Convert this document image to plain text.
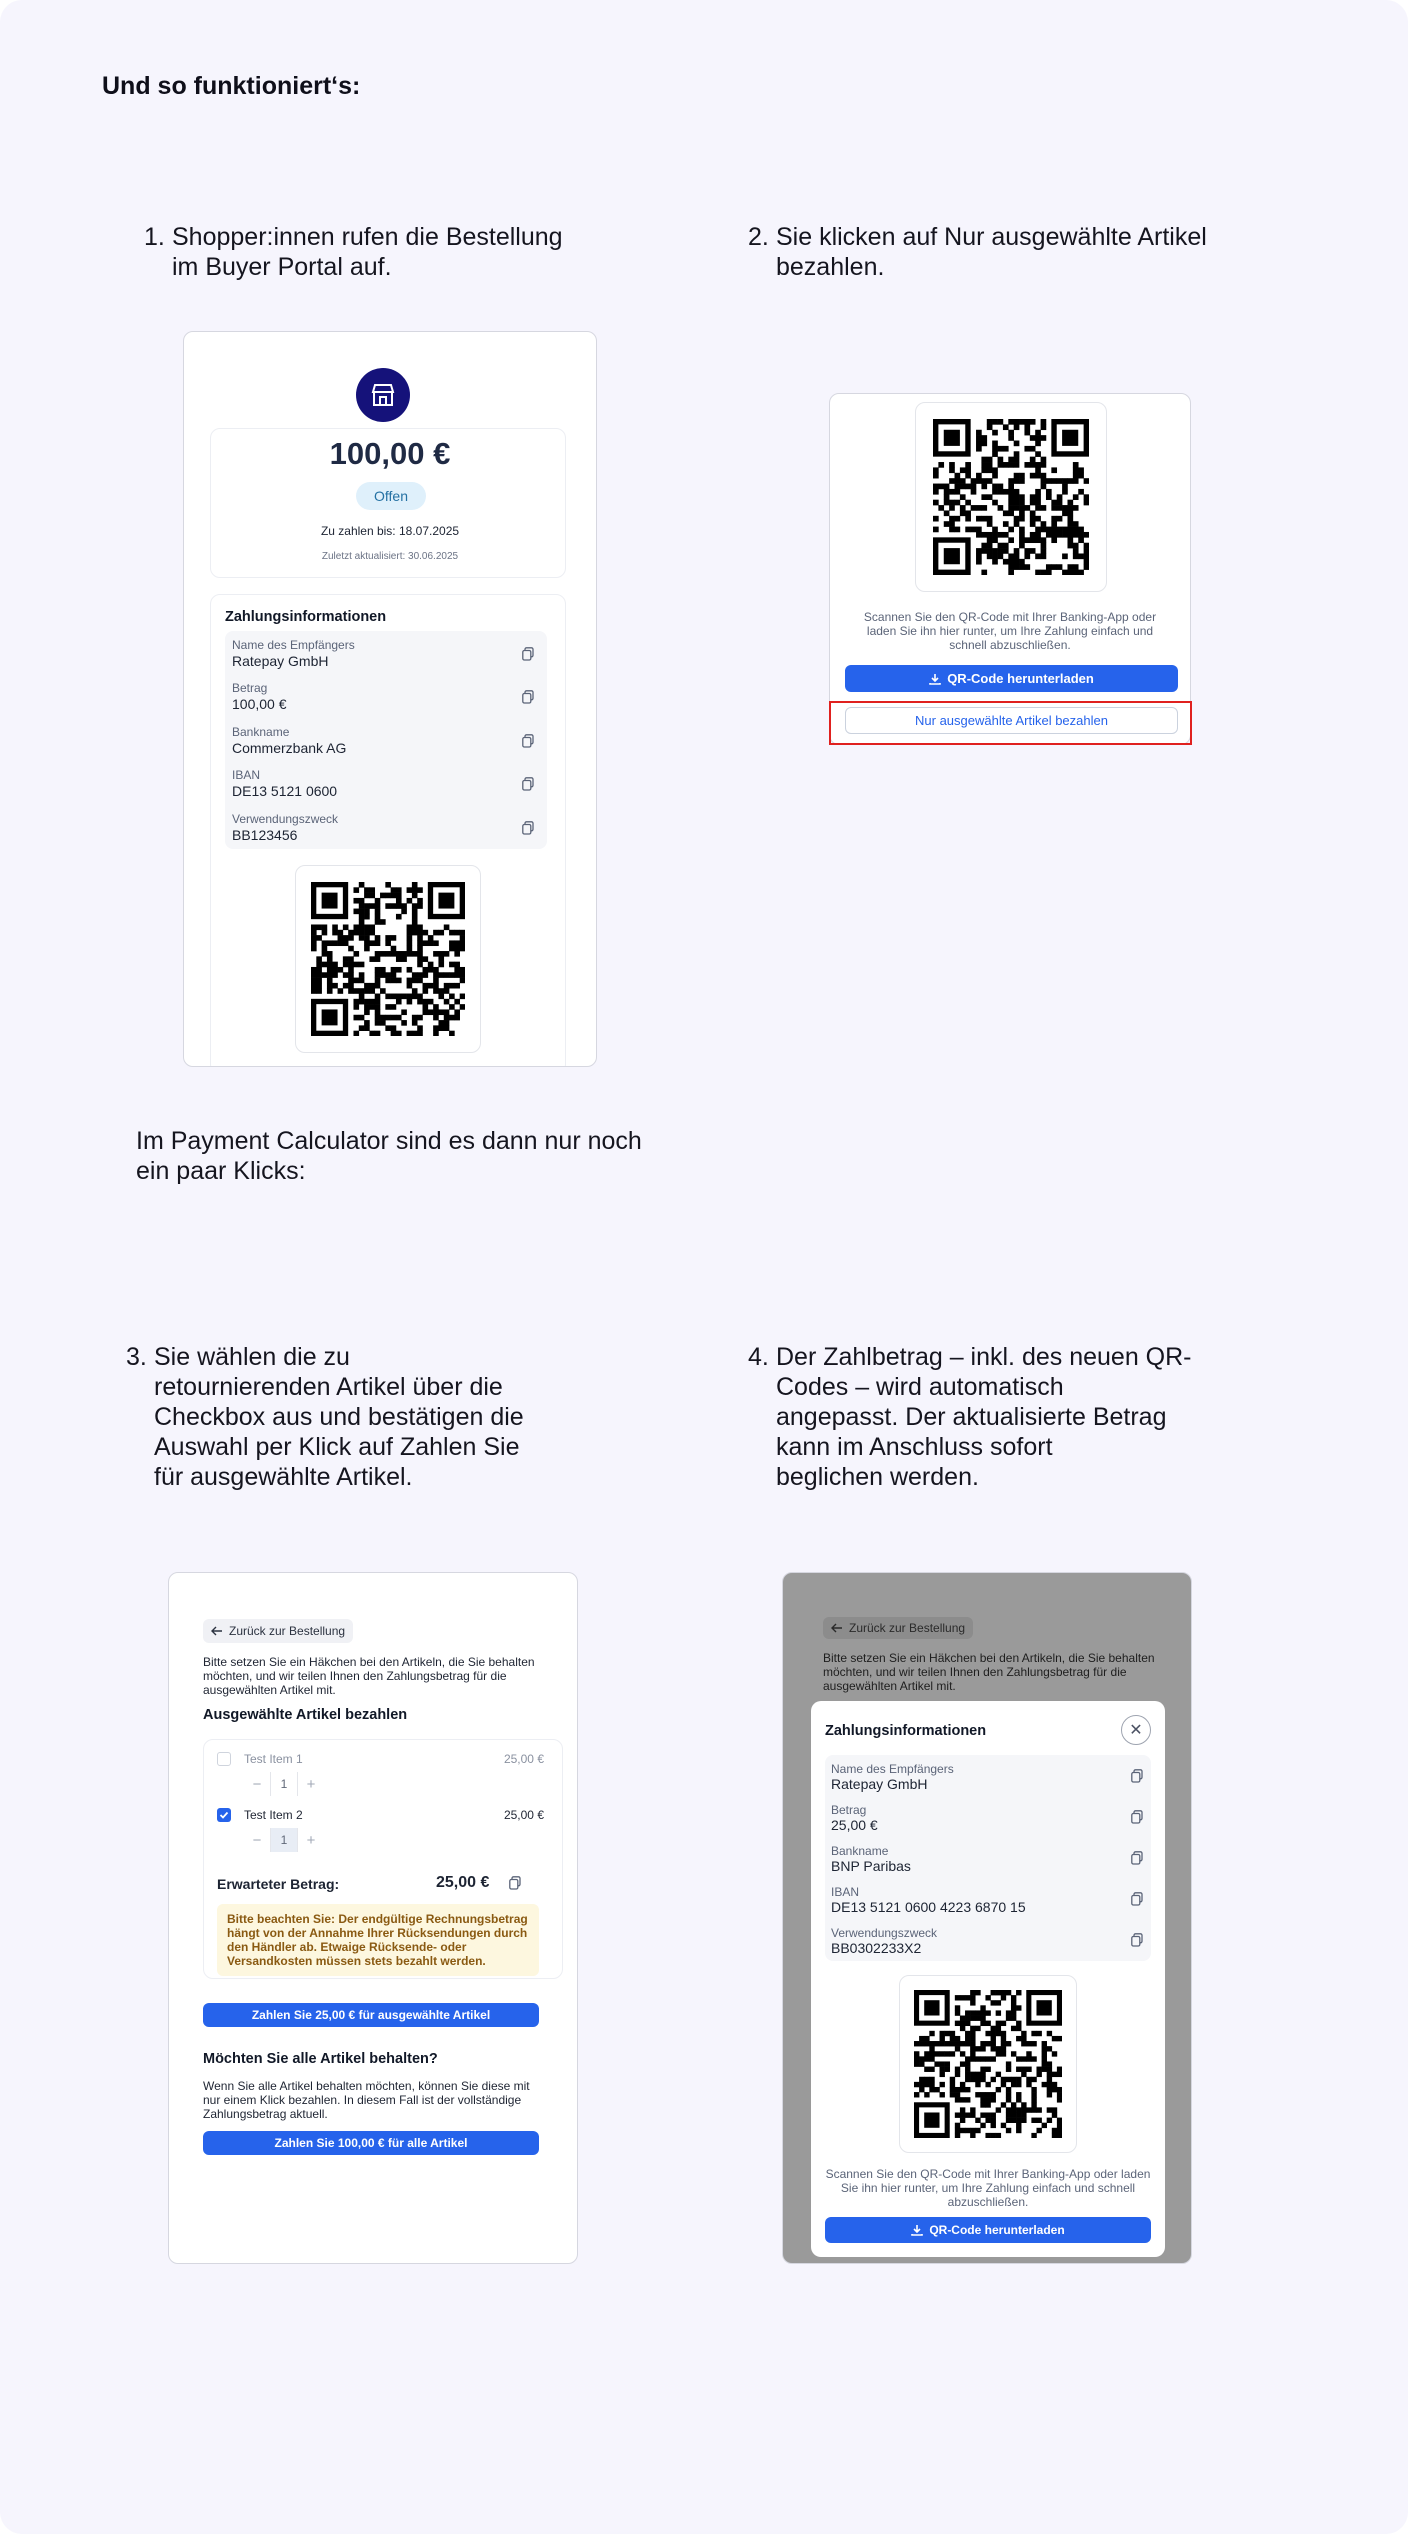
Und so funktioniert‘s:
1. Shopper:innen rufen die Bestellung
im Buyer Portal auf.
2. Sie klicken auf Nur ausgewählte Artikel
bezahlen.
100,00 €
Offen
Zu zahlen bis: 18.07.2025
Zuletzt aktualisiert: 30.06.2025
Zahlungsinformationen
Name des Empfängers
Ratepay GmbH
Betrag
100,00 €
Bankname
Commerzbank AG
IBAN
DE13 5121 0600
Verwendungszweck
BB123456
Scannen Sie den QR-Code mit Ihrer Banking-App oder
laden Sie ihn hier runter, um Ihre Zahlung einfach und
schnell abzuschließen.
QR-Code herunterladen
Nur ausgewählte Artikel bezahlen
Im Payment Calculator sind es dann nur noch
ein paar Klicks:
3. Sie wählen die zu
retournierenden Artikel über die
Checkbox aus und bestätigen die
Auswahl per Klick auf Zahlen Sie
für ausgewählte Artikel.
4. Der Zahlbetrag – inkl. des neuen QR-
Codes – wird automatisch
angepasst. Der aktualisierte Betrag
kann im Anschluss sofort
beglichen werden.
Zurück zur Bestellung
Bitte setzen Sie ein Häkchen bei den Artikeln, die Sie behalten
möchten, und wir teilen Ihnen den Zahlungsbetrag für die
ausgewählten Artikel mit.
Ausgewählte Artikel bezahlen
Test Item 1	25,00 €
−	1	+
Test Item 2	25,00 €
−	1	+
Erwarteter Betrag:	25,00 €
Bitte beachten Sie: Der endgültige Rechnungsbetrag
hängt von der Annahme Ihrer Rücksendungen durch
den Händler ab. Etwaige Rücksende- oder
Versandkosten müssen stets bezahlt werden.
Zahlen Sie 25,00 € für ausgewählte Artikel
Möchten Sie alle Artikel behalten?
Wenn Sie alle Artikel behalten möchten, können Sie diese mit
nur einem Klick bezahlen. In diesem Fall ist der vollständige
Zahlungsbetrag aktuell.
Zahlen Sie 100,00 € für alle Artikel
Zurück zur Bestellung
Bitte setzen Sie ein Häkchen bei den Artikeln, die Sie behalten
möchten, und wir teilen Ihnen den Zahlungsbetrag für die
ausgewählten Artikel mit.
Zahlungsinformationen	✕
Name des Empfängers
Ratepay GmbH
Betrag
25,00 €
Bankname
BNP Paribas
IBAN
DE13 5121 0600 4223 6870 15
Verwendungszweck
BB0302233X2
Scannen Sie den QR-Code mit Ihrer Banking-App oder laden
Sie ihn hier runter, um Ihre Zahlung einfach und schnell
abzuschließen.
QR-Code herunterladen
